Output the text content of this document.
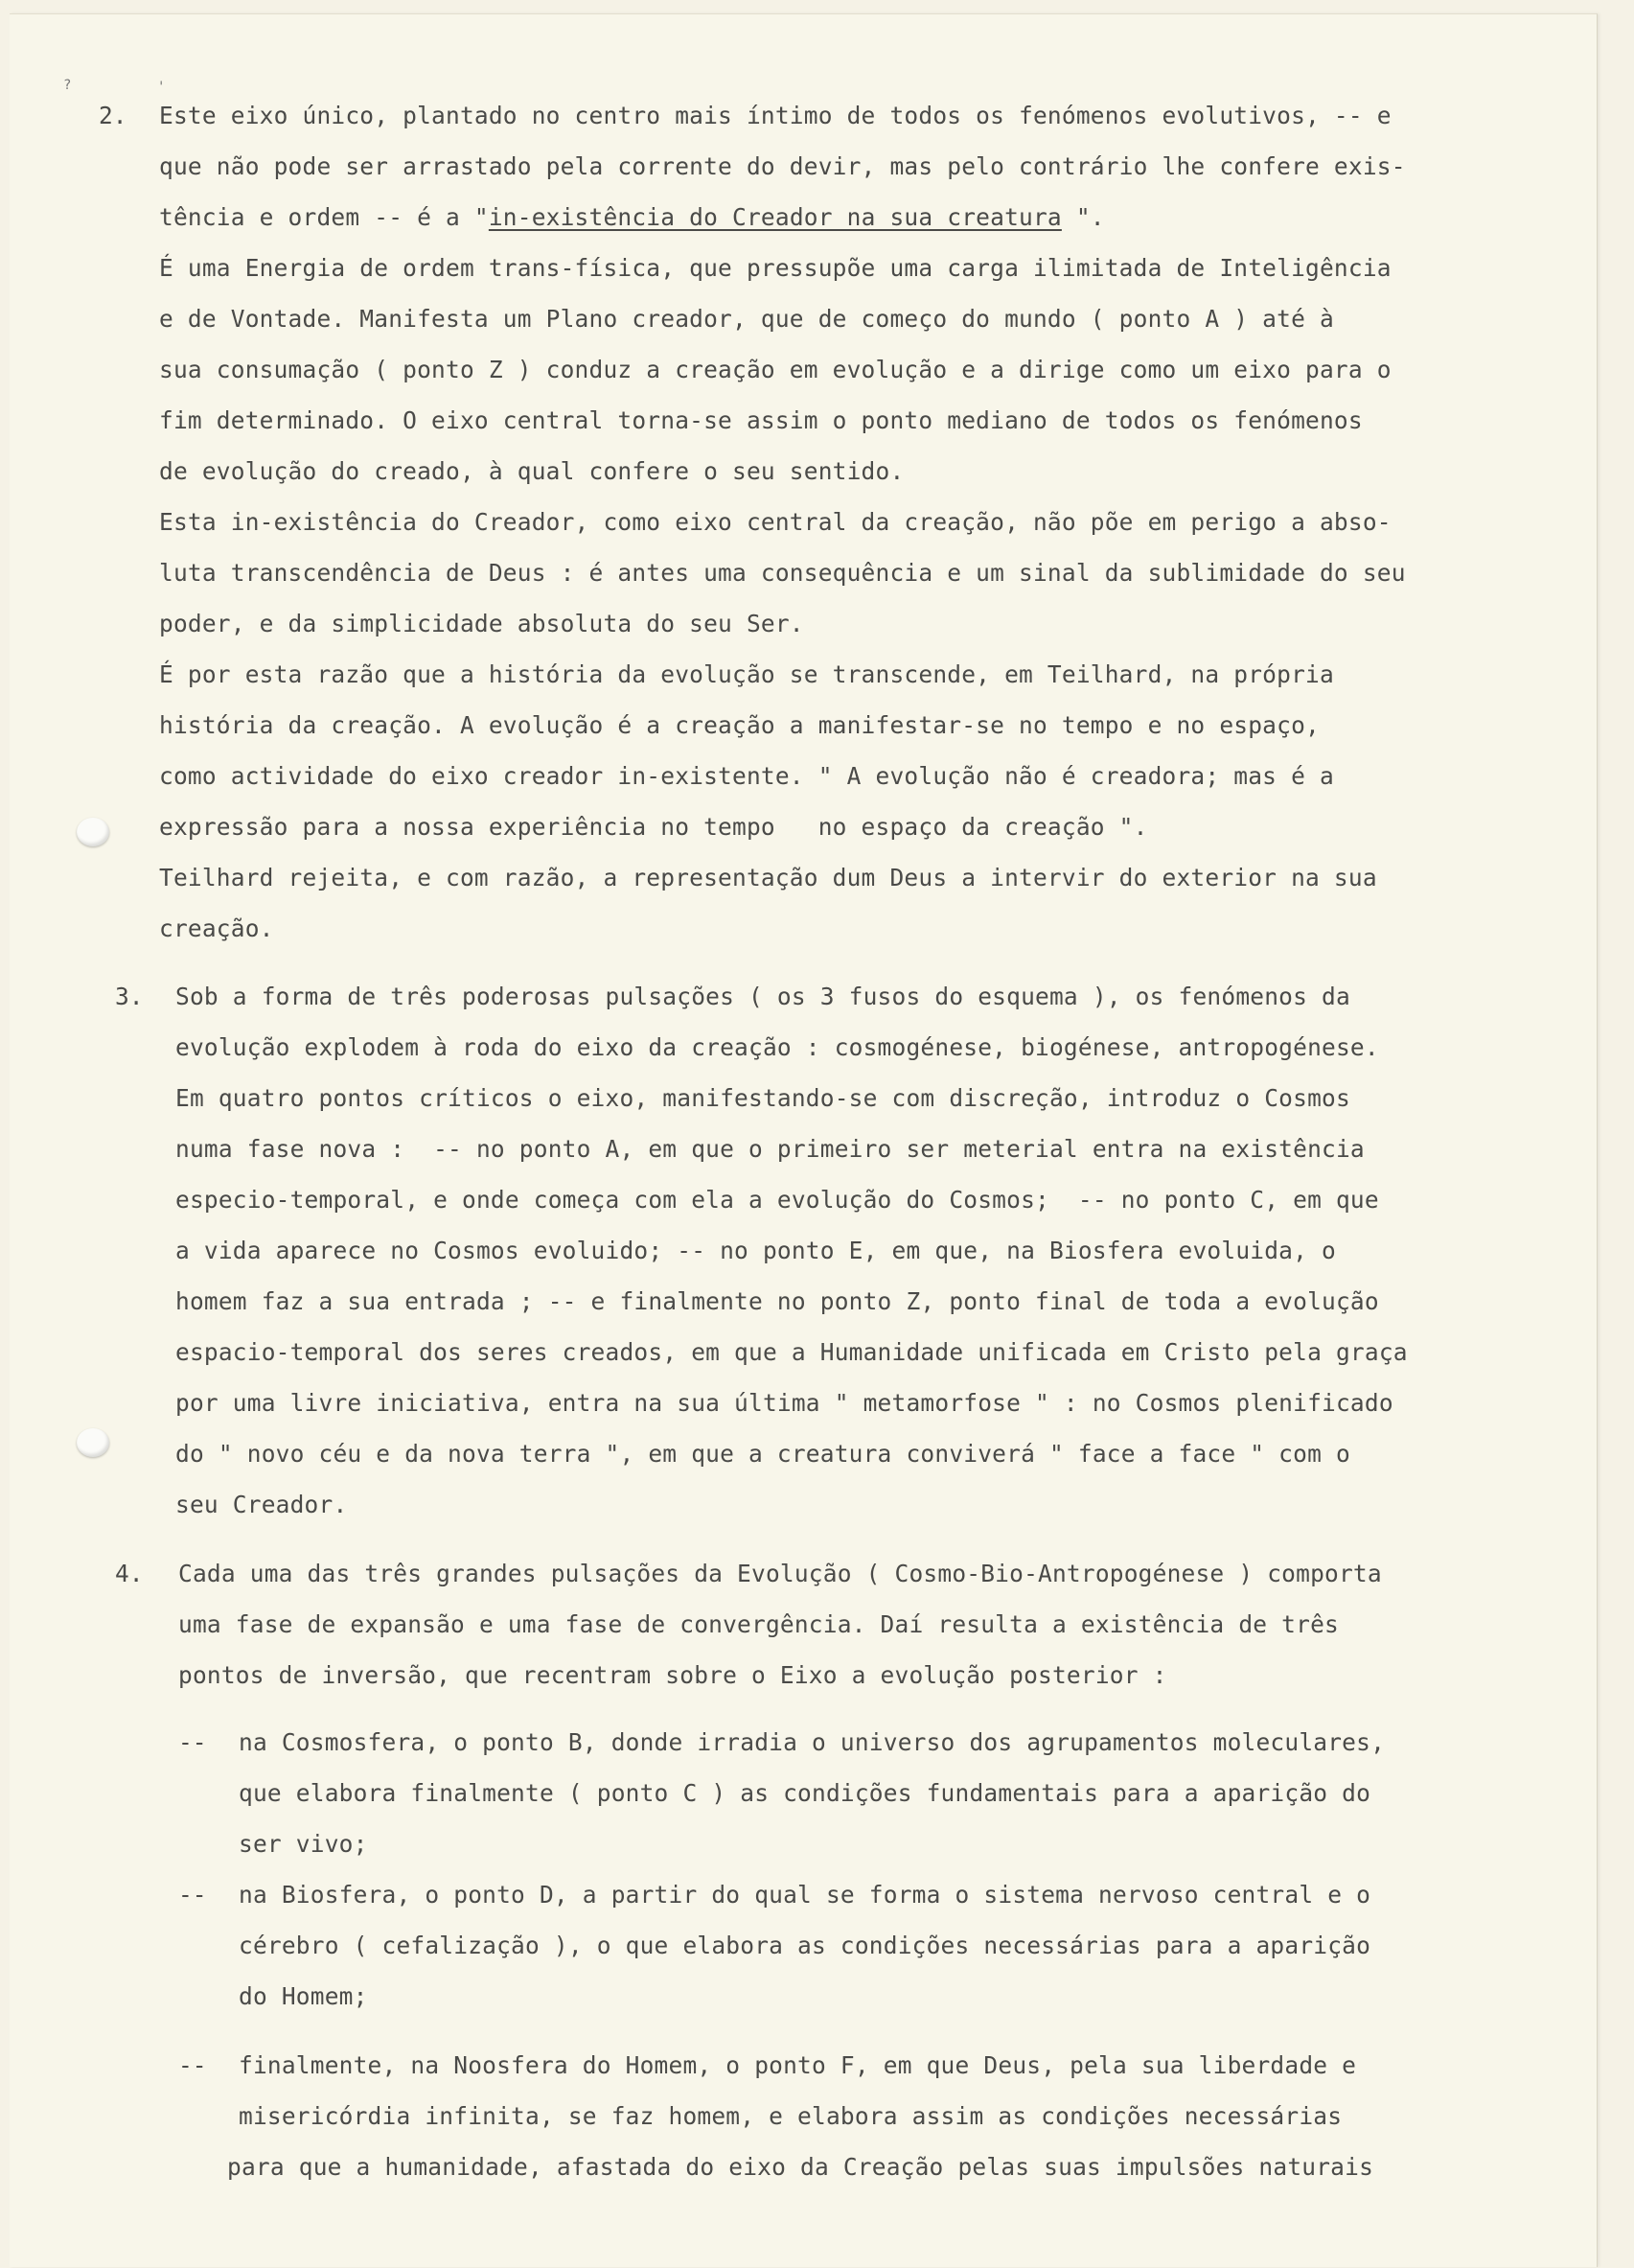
?	'
2. Este eixo único, plantado no centro mais íntimo de todos os fenómenos evolutivos, -- e
que não pode ser arrastado pela corrente do devir, mas pelo contrário lhe confere exis-
tência e ordem -- é a "in-existência do Creador na sua creatura ".
É uma Energia de ordem trans-física, que pressupõe uma carga ilimitada de Inteligência
e de Vontade. Manifesta um Plano creador, que de começo do mundo ( ponto A ) até à
sua consumação ( ponto Z ) conduz a creação em evolução e a dirige como um eixo para o
fim determinado. O eixo central torna-se assim o ponto mediano de todos os fenómenos
de evolução do creado, à qual confere o seu sentido.
Esta in-existência do Creador, como eixo central da creação, não põe em perigo a abso-
luta transcendência de Deus : é antes uma consequência e um sinal da sublimidade do seu
poder, e da simplicidade absoluta do seu Ser.
É por esta razão que a história da evolução se transcende, em Teilhard, na própria
história da creação. A evolução é a creação a manifestar-se no tempo e no espaço,
como actividade do eixo creador in-existente. " A evolução não é creadora; mas é a
expressão para a nossa experiência no tempo   no espaço da creação ".
Teilhard rejeita, e com razão, a representação dum Deus a intervir do exterior na sua
creação.
3. Sob a forma de três poderosas pulsações ( os 3 fusos do esquema ), os fenómenos da
evolução explodem à roda do eixo da creação : cosmogénese, biogénese, antropogénese.
Em quatro pontos críticos o eixo, manifestando-se com discreção, introduz o Cosmos
numa fase nova :  -- no ponto A, em que o primeiro ser meterial entra na existência
especio-temporal, e onde começa com ela a evolução do Cosmos;  -- no ponto C, em que
a vida aparece no Cosmos evoluido; -- no ponto E, em que, na Biosfera evoluida, o
homem faz a sua entrada ; -- e finalmente no ponto Z, ponto final de toda a evolução
espacio-temporal dos seres creados, em que a Humanidade unificada em Cristo pela graça
por uma livre iniciativa, entra na sua última " metamorfose " : no Cosmos plenificado
do " novo céu e da nova terra ", em que a creatura conviverá " face a face " com o
seu Creador.
4. Cada uma das três grandes pulsações da Evolução ( Cosmo-Bio-Antropogénese ) comporta
uma fase de expansão e uma fase de convergência. Daí resulta a existência de três
pontos de inversão, que recentram sobre o Eixo a evolução posterior :
-- na Cosmosfera, o ponto B, donde irradia o universo dos agrupamentos moleculares,
que elabora finalmente ( ponto C ) as condições fundamentais para a aparição do
ser vivo;
-- na Biosfera, o ponto D, a partir do qual se forma o sistema nervoso central e o
cérebro ( cefalização ), o que elabora as condições necessárias para a aparição
do Homem;
-- finalmente, na Noosfera do Homem, o ponto F, em que Deus, pela sua liberdade e
misericórdia infinita, se faz homem, e elabora assim as condições necessárias
para que a humanidade, afastada do eixo da Creação pelas suas impulsões naturais
